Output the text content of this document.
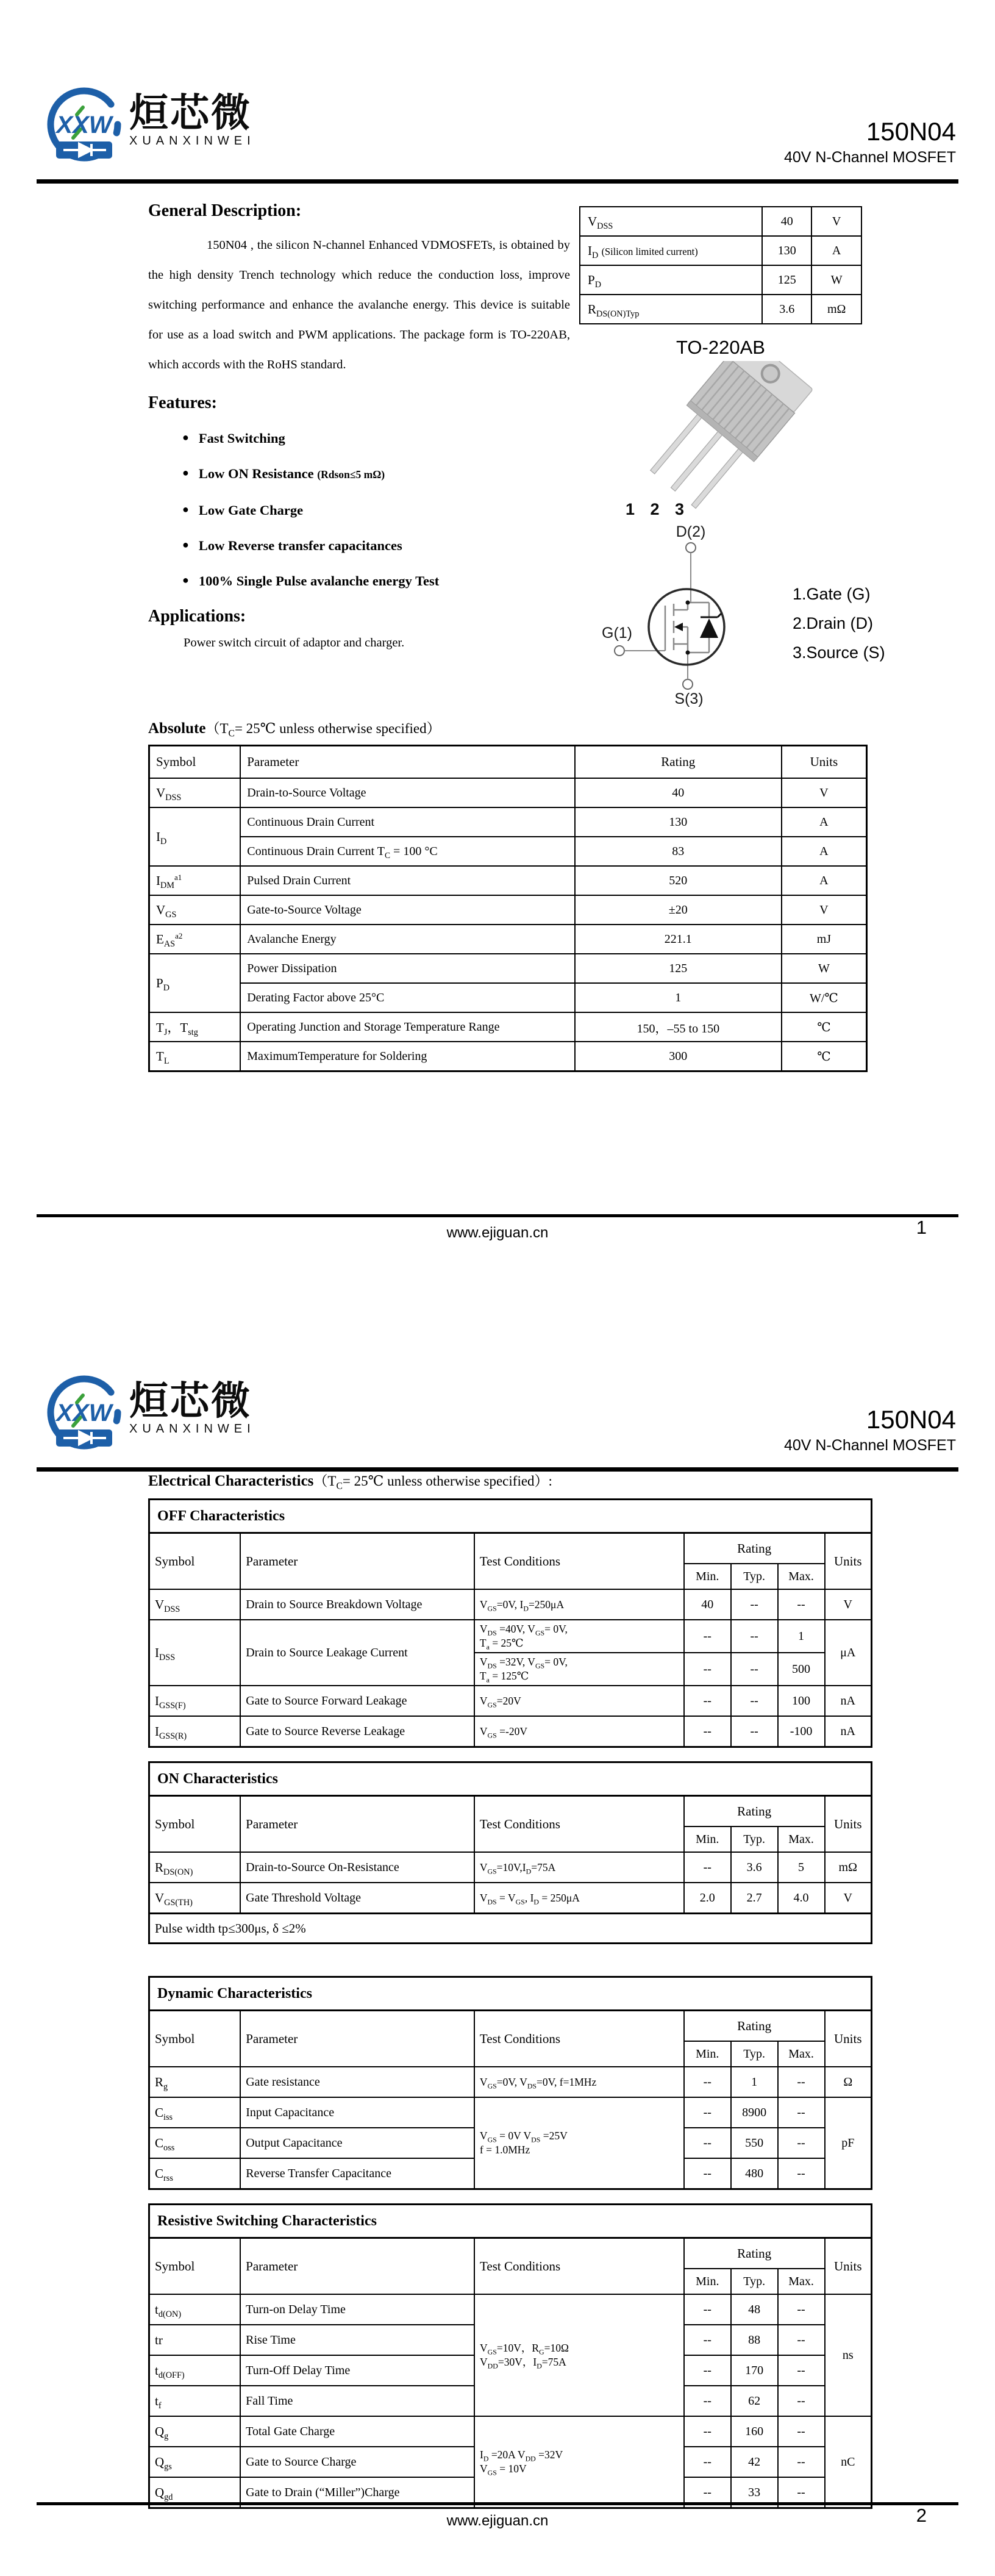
XXW 烜芯微
XUANXINWEI	150N04
40V N-Channel MOSFET
General Description:

150N04 , the silicon N-channel Enhanced VDMOSFETs, is obtained by the high density Trench technology which reduce the conduction loss, improve switching performance and enhance the avalanche energy. This device is suitable for use as a load switch and PWM applications. The package form is TO-220AB, which accords with the RoHS standard.

Features:
● Fast Switching
● Low ON Resistance (Rdson≤5 mΩ)
● Low Gate Charge
● Low Reverse transfer capacitances
● 100% Single Pulse avalanche energy Test
Applications:

Power switch circuit of adaptor and charger.

$V_{DSS}$	40	V
$I_D$ (Silicon limited current)	130	A
$P_D$	125	W
$R_{DS(ON)Typ}$	3.6	mΩ
TO-220AB
1 2 3
D(2)
G(1)
S(3)
1.Gate (G)
2.Drain (D)
3.Source (S)
$Absolute(T_C=$ 25℃ unless otherwise specified）
Symbol	Parameter	Rating	Units
$V_{DSS}$	Drain-to-Source Voltage	40	V
$I_D$	Continuous Drain Current	130	A
	Continuous Drain Current $T_C = 100$ °C	83	A
$I_{DM}^{a1}$	Pulsed Drain Current	520	A
$V_{GS}$	Gate-to-Source Voltage	±20	V
$E_{AS}^{a2}$	Avalanche Energy	221.1	mJ
$P_D$	Power Dissipation	125	W
	Derating Factor above 25°C	1	W/℃
$T_J$，$T_{stg}$	Operating Junction and Storage Temperature Range	150，–55 to 150	℃
$T_L$	MaximumTemperature for Soldering	300	℃
www.ejiguan.cn	1
XXW 烜芯微
XUANXINWEI	150N04
40V N-Channel MOSFET
Electrical $Characteristics(T_C=$ 25℃ unless otherwise specified）:
OFF Characteristics						
Symbol	Parameter	Test Conditions	Rating			Units
			Min.	Typ.	Max.	
$V_{DSS}$	Drain to Source Breakdown Voltage	$V_{GS}=0V$, $I_D=250\mu A$	40	--	--	V
$I_{DSS}$	Drain to Source Leakage Current	$V_{DS} =40V$, $V_{GS}= 0V$,
$T_a$ = 25℃	--	--	1	μA
		$V_{DS} =32V$, $V_{GS}= 0V$,
$T_a$ = 125℃	--	--	500	
$I_{GSS(F)}$	Gate to Source Forward Leakage	$V_{GS}=20V$	--	--	100	nA
$I_{GSS(R)}$	Gate to Source Reverse Leakage	$V_{GS} =-20V$	--	--	-100	nA
ON Characteristics						
Symbol	Parameter	Test Conditions	Rating			Units
			Min.	Typ.	Max.	
$R_{DS(ON)}$	Drain-to-Source On-Resistance	$V_{GS}=10V,I_D=75A$	--	3.6	5	mΩ
$V_{GS(TH)}$	Gate Threshold Voltage	$V_{DS} = V_{GS}$, $I_D = 250\mu A$	2.0	2.7	4.0	V
Pulse width tp≤300μs, δ ≤2%						
Dynamic Characteristics						
Symbol	Parameter	Test Conditions	Rating			Units
			Min.	Typ.	Max.	
$R_g$	Gate resistance	$V_{GS}=0V$, $V_{DS}=0V$, f=1MHz	--	1	--	Ω
$C_{iss}$	Input Capacitance	$V_{GS} = 0V$ $V_{DS} =25V$
f = 1.0MHz	--	8900	--	pF
$C_{oss}$	Output Capacitance		--	550	--	
$C_{rss}$	Reverse Transfer Capacitance		--	480	--	
Resistive Switching Characteristics						
Symbol	Parameter	Test Conditions	Rating			Units
			Min.	Typ.	Max.	
$t_{d(ON)}$	Turn-on Delay Time	$V_{GS}=10V$，$R_G=10\Omega$
$V_{DD}=30V$，$I_D=75A$	--	48	--	ns
tr	Rise Time		--	88	--	
$t_{d(OFF)}$	Turn-Off Delay Time		--	170	--	
$t_f$	Fall Time		--	62	--	
$Q_g$	Total Gate Charge	$I_D =20A$ $V_{DD} =32V$
$V_{GS} = 10V$	--	160	--	nC
$Q_{gs}$	Gate to Source Charge		--	42	--	
$Q_{gd}$	Gate to Drain (“Miller”)Charge		--	33	--	
www.ejiguan.cn	2
